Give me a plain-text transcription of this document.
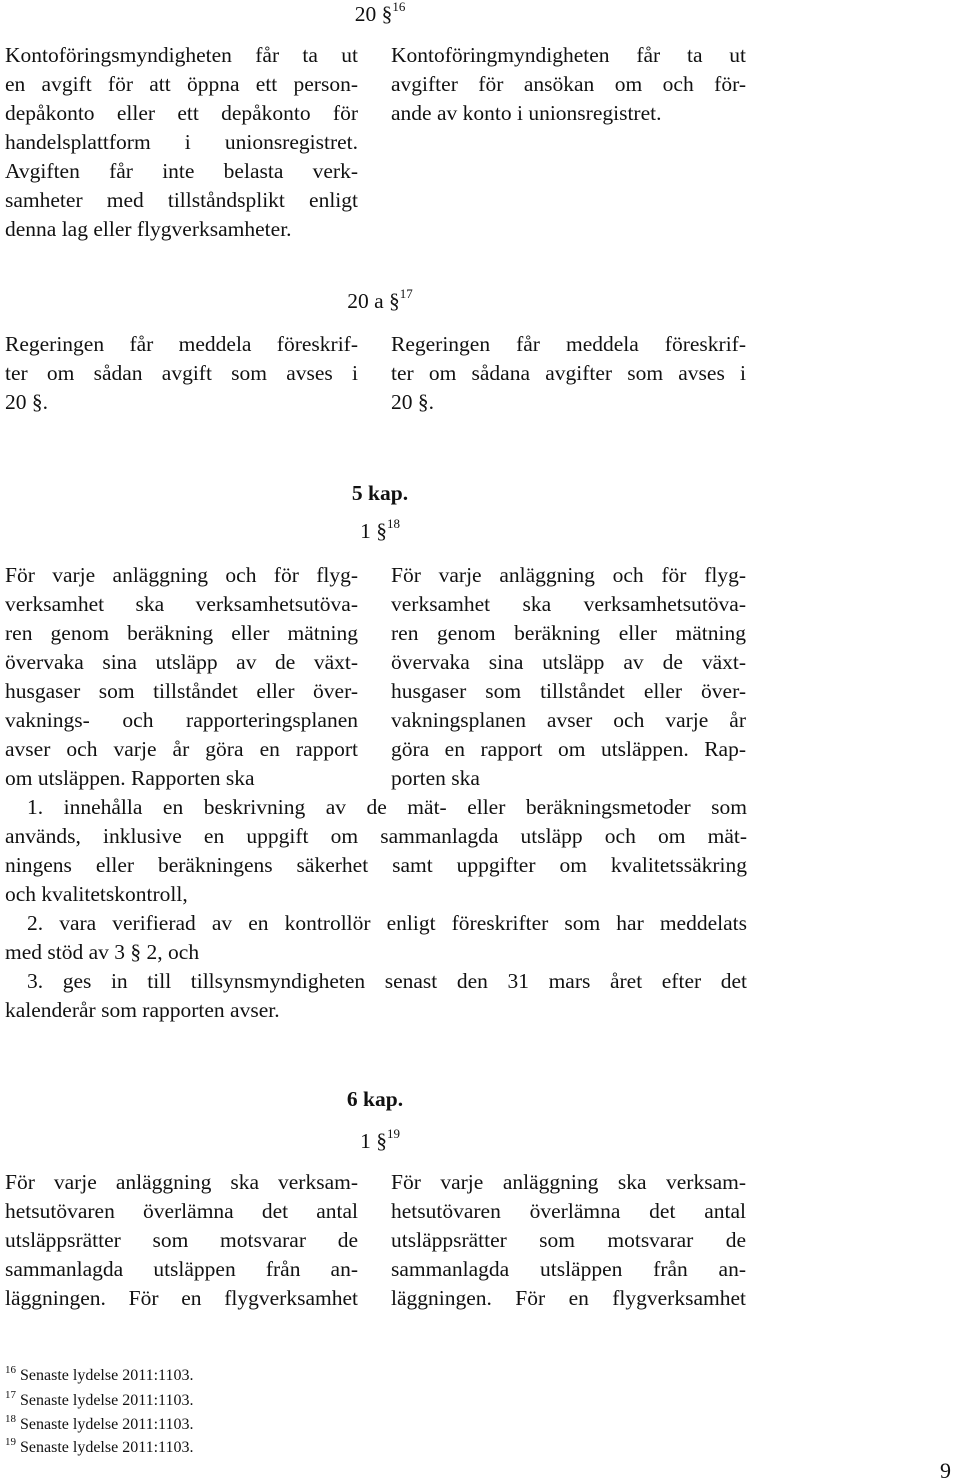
20 §$^{16}$
Kontoföringsmyndigheten får ta ut
en avgift för att öppna ett person-
depåkonto eller ett depåkonto för
handelsplattform i unionsregistret.
Avgiften får inte belasta verk-
samheter med tillståndsplikt enligt
denna lag eller flygverksamheter.
Kontoföringmyndigheten får ta ut
avgifter för ansökan om och för-
ande av konto i unionsregistret.
20 a §$^{17}$
Regeringen får meddela föreskrif-
ter om sådan avgift som avses i
20 §.
Regeringen får meddela föreskrif-
ter om sådana avgifter som avses i
20 §.
5 kap.
1 §$^{18}$
För varje anläggning och för flyg-
verksamhet ska verksamhetsutöva-
ren genom beräkning eller mätning
övervaka sina utsläpp av de växt-
husgaser som tillståndet eller över-
vaknings- och rapporteringsplanen
avser och varje år göra en rapport
om utsläppen. Rapporten ska
För varje anläggning och för flyg-
verksamhet ska verksamhetsutöva-
ren genom beräkning eller mätning
övervaka sina utsläpp av de växt-
husgaser som tillståndet eller över-
vakningsplanen avser och varje år
göra en rapport om utsläppen. Rap-
porten ska
1. innehålla en beskrivning av de mät- eller beräkningsmetoder som
används, inklusive en uppgift om sammanlagda utsläpp och om mät-
ningens eller beräkningens säkerhet samt uppgifter om kvalitetssäkring
och kvalitetskontroll,
2. vara verifierad av en kontrollör enligt föreskrifter som har meddelats
med stöd av 3 § 2, och
3. ges in till tillsynsmyndigheten senast den 31 mars året efter det
kalenderår som rapporten avser.
6 kap.
1 §$^{19}$
För varje anläggning ska verksam-
hetsutövaren överlämna det antal
utsläppsrätter som motsvarar de
sammanlagda utsläppen från an-
läggningen. För en flygverksamhet
För varje anläggning ska verksam-
hetsutövaren överlämna det antal
utsläppsrätter som motsvarar de
sammanlagda utsläppen från an-
läggningen. För en flygverksamhet
$^{16}$ Senaste lydelse 2011:1103.
$^{17}$ Senaste lydelse 2011:1103.
$^{18}$ Senaste lydelse 2011:1103.
$^{19}$ Senaste lydelse 2011:1103.
9
